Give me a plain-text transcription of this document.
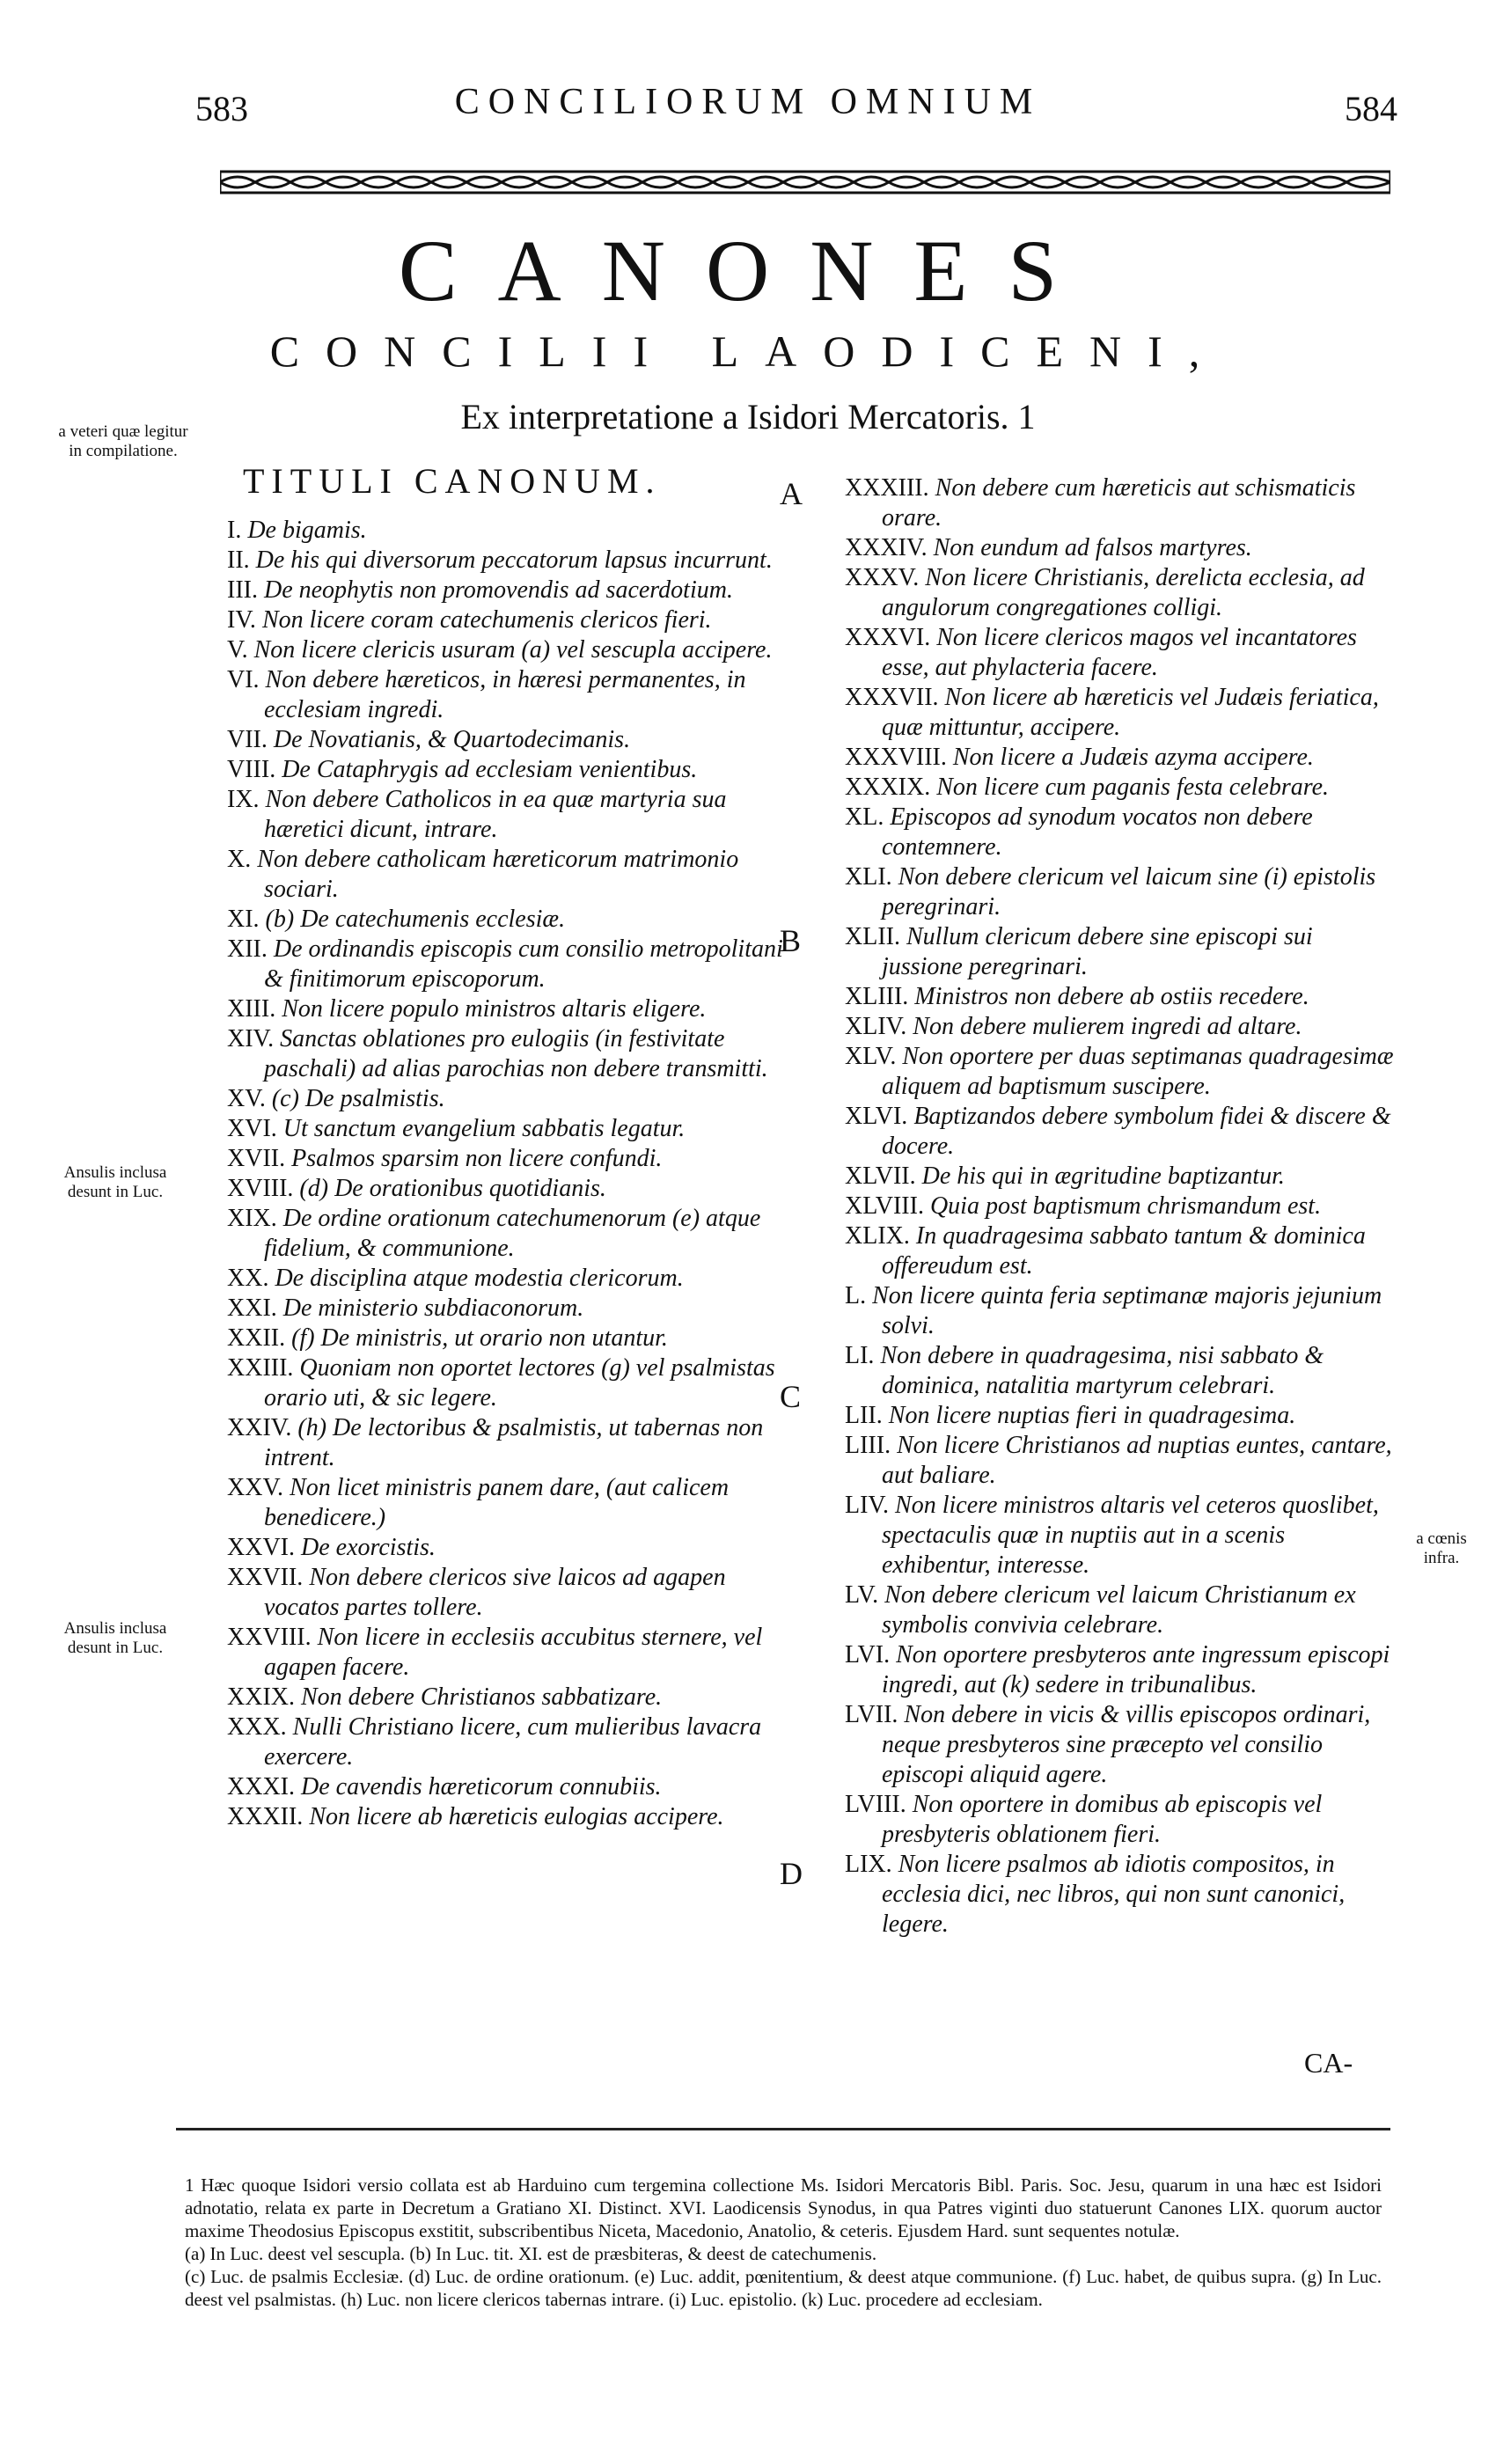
583	CONCILIORUM OMNIUM	584
CANONES
CONCILII LAODICENI,
Ex interpretatione a Isidori Mercatoris. 1
a veteri quæ legitur in compilatione.
Ansulis inclusa desunt in Luc.
Ansulis inclusa desunt in Luc.
a cœnis infra.
A
B
C
D
TITULI CANONUM.
I. De bigamis.
II. De his qui diversorum peccatorum lapsus incurrunt.
III. De neophytis non promovendis ad sacerdotium.
IV. Non licere coram catechumenis clericos fieri.
V. Non licere clericis usuram (a) vel sescupla accipere.
VI. Non debere hæreticos, in hæresi permanentes, in ecclesiam ingredi.
VII. De Novatianis, & Quartodecimanis.
VIII. De Cataphrygis ad ecclesiam venientibus.
IX. Non debere Catholicos in ea quæ martyria sua hæretici dicunt, intrare.
X. Non debere catholicam hæreticorum matrimonio sociari.
XI. (b) De catechumenis ecclesiæ.
XII. De ordinandis episcopis cum consilio metropolitani & finitimorum episcoporum.
XIII. Non licere populo ministros altaris eligere.
XIV. Sanctas oblationes pro eulogiis (in festivitate paschali) ad alias parochias non debere transmitti.
XV. (c) De psalmistis.
XVI. Ut sanctum evangelium sabbatis legatur.
XVII. Psalmos sparsim non licere confundi.
XVIII. (d) De orationibus quotidianis.
XIX. De ordine orationum catechumenorum (e) atque fidelium, & communione.
XX. De disciplina atque modestia clericorum.
XXI. De ministerio subdiaconorum.
XXII. (f) De ministris, ut orario non utantur.
XXIII. Quoniam non oportet lectores (g) vel psalmistas orario uti, & sic legere.
XXIV. (h) De lectoribus & psalmistis, ut tabernas non intrent.
XXV. Non licet ministris panem dare, (aut calicem benedicere.)
XXVI. De exorcistis.
XXVII. Non debere clericos sive laicos ad agapen vocatos partes tollere.
XXVIII. Non licere in ecclesiis accubitus sternere, vel agapen facere.
XXIX. Non debere Christianos sabbatizare.
XXX. Nulli Christiano licere, cum mulieribus lavacra exercere.
XXXI. De cavendis hæreticorum connubiis.
XXXII. Non licere ab hæreticis eulogias accipere.
XXXIII. Non debere cum hæreticis aut schismaticis orare.
XXXIV. Non eundum ad falsos martyres.
XXXV. Non licere Christianis, derelicta ecclesia, ad angulorum congregationes colligi.
XXXVI. Non licere clericos magos vel incantatores esse, aut phylacteria facere.
XXXVII. Non licere ab hæreticis vel Judæis feriatica, quæ mittuntur, accipere.
XXXVIII. Non licere a Judæis azyma accipere.
XXXIX. Non licere cum paganis festa celebrare.
XL. Episcopos ad synodum vocatos non debere contemnere.
XLI. Non debere clericum vel laicum sine (i) epistolis peregrinari.
XLII. Nullum clericum debere sine episcopi sui jussione peregrinari.
XLIII. Ministros non debere ab ostiis recedere.
XLIV. Non debere mulierem ingredi ad altare.
XLV. Non oportere per duas septimanas quadragesimæ aliquem ad baptismum suscipere.
XLVI. Baptizandos debere symbolum fidei & discere & docere.
XLVII. De his qui in ægritudine baptizantur.
XLVIII. Quia post baptismum chrismandum est.
XLIX. In quadragesima sabbato tantum & dominica offereudum est.
L. Non licere quinta feria septimanæ majoris jejunium solvi.
LI. Non debere in quadragesima, nisi sabbato & dominica, natalitia martyrum celebrari.
LII. Non licere nuptias fieri in quadragesima.
LIII. Non licere Christianos ad nuptias euntes, cantare, aut baliare.
LIV. Non licere ministros altaris vel ceteros quoslibet, spectaculis quæ in nuptiis aut in a scenis exhibentur, interesse.
LV. Non debere clericum vel laicum Christianum ex symbolis convivia celebrare.
LVI. Non oportere presbyteros ante ingressum episcopi ingredi, aut (k) sedere in tribunalibus.
LVII. Non debere in vicis & villis episcopos ordinari, neque presbyteros sine præcepto vel consilio episcopi aliquid agere.
LVIII. Non oportere in domibus ab episcopis vel presbyteris oblationem fieri.
LIX. Non licere psalmos ab idiotis compositos, in ecclesia dici, nec libros, qui non sunt canonici, legere.
CA-

1 Hæc quoque Isidori versio collata est ab Harduino cum tergemina collectione Ms. Isidori Mercatoris Bibl. Paris. Soc. Jesu, quarum in una hæc est Isidori adnotatio, relata ex parte in Decretum a Gratiano XI. Distinct. XVI. Laodicensis Synodus, in qua Patres viginti duo statuerunt Canones LIX. quorum auctor maxime Theodosius Episcopus exstitit, subscribentibus Niceta, Macedonio, Anatolio, & ceteris. Ejusdem Hard. sunt sequentes notulæ.

(a) In Luc. deest vel sescupla. (b) In Luc. tit. XI. est de præsbiteras, & deest de catechumenis.

(c) Luc. de psalmis Ecclesiæ. (d) Luc. de ordine orationum. (e) Luc. addit, pœnitentium, & deest atque communione. (f) Luc. habet, de quibus supra. (g) In Luc. deest vel psalmistas. (h) Luc. non licere clericos tabernas intrare. (i) Luc. epistolio. (k) Luc. procedere ad ecclesiam.
